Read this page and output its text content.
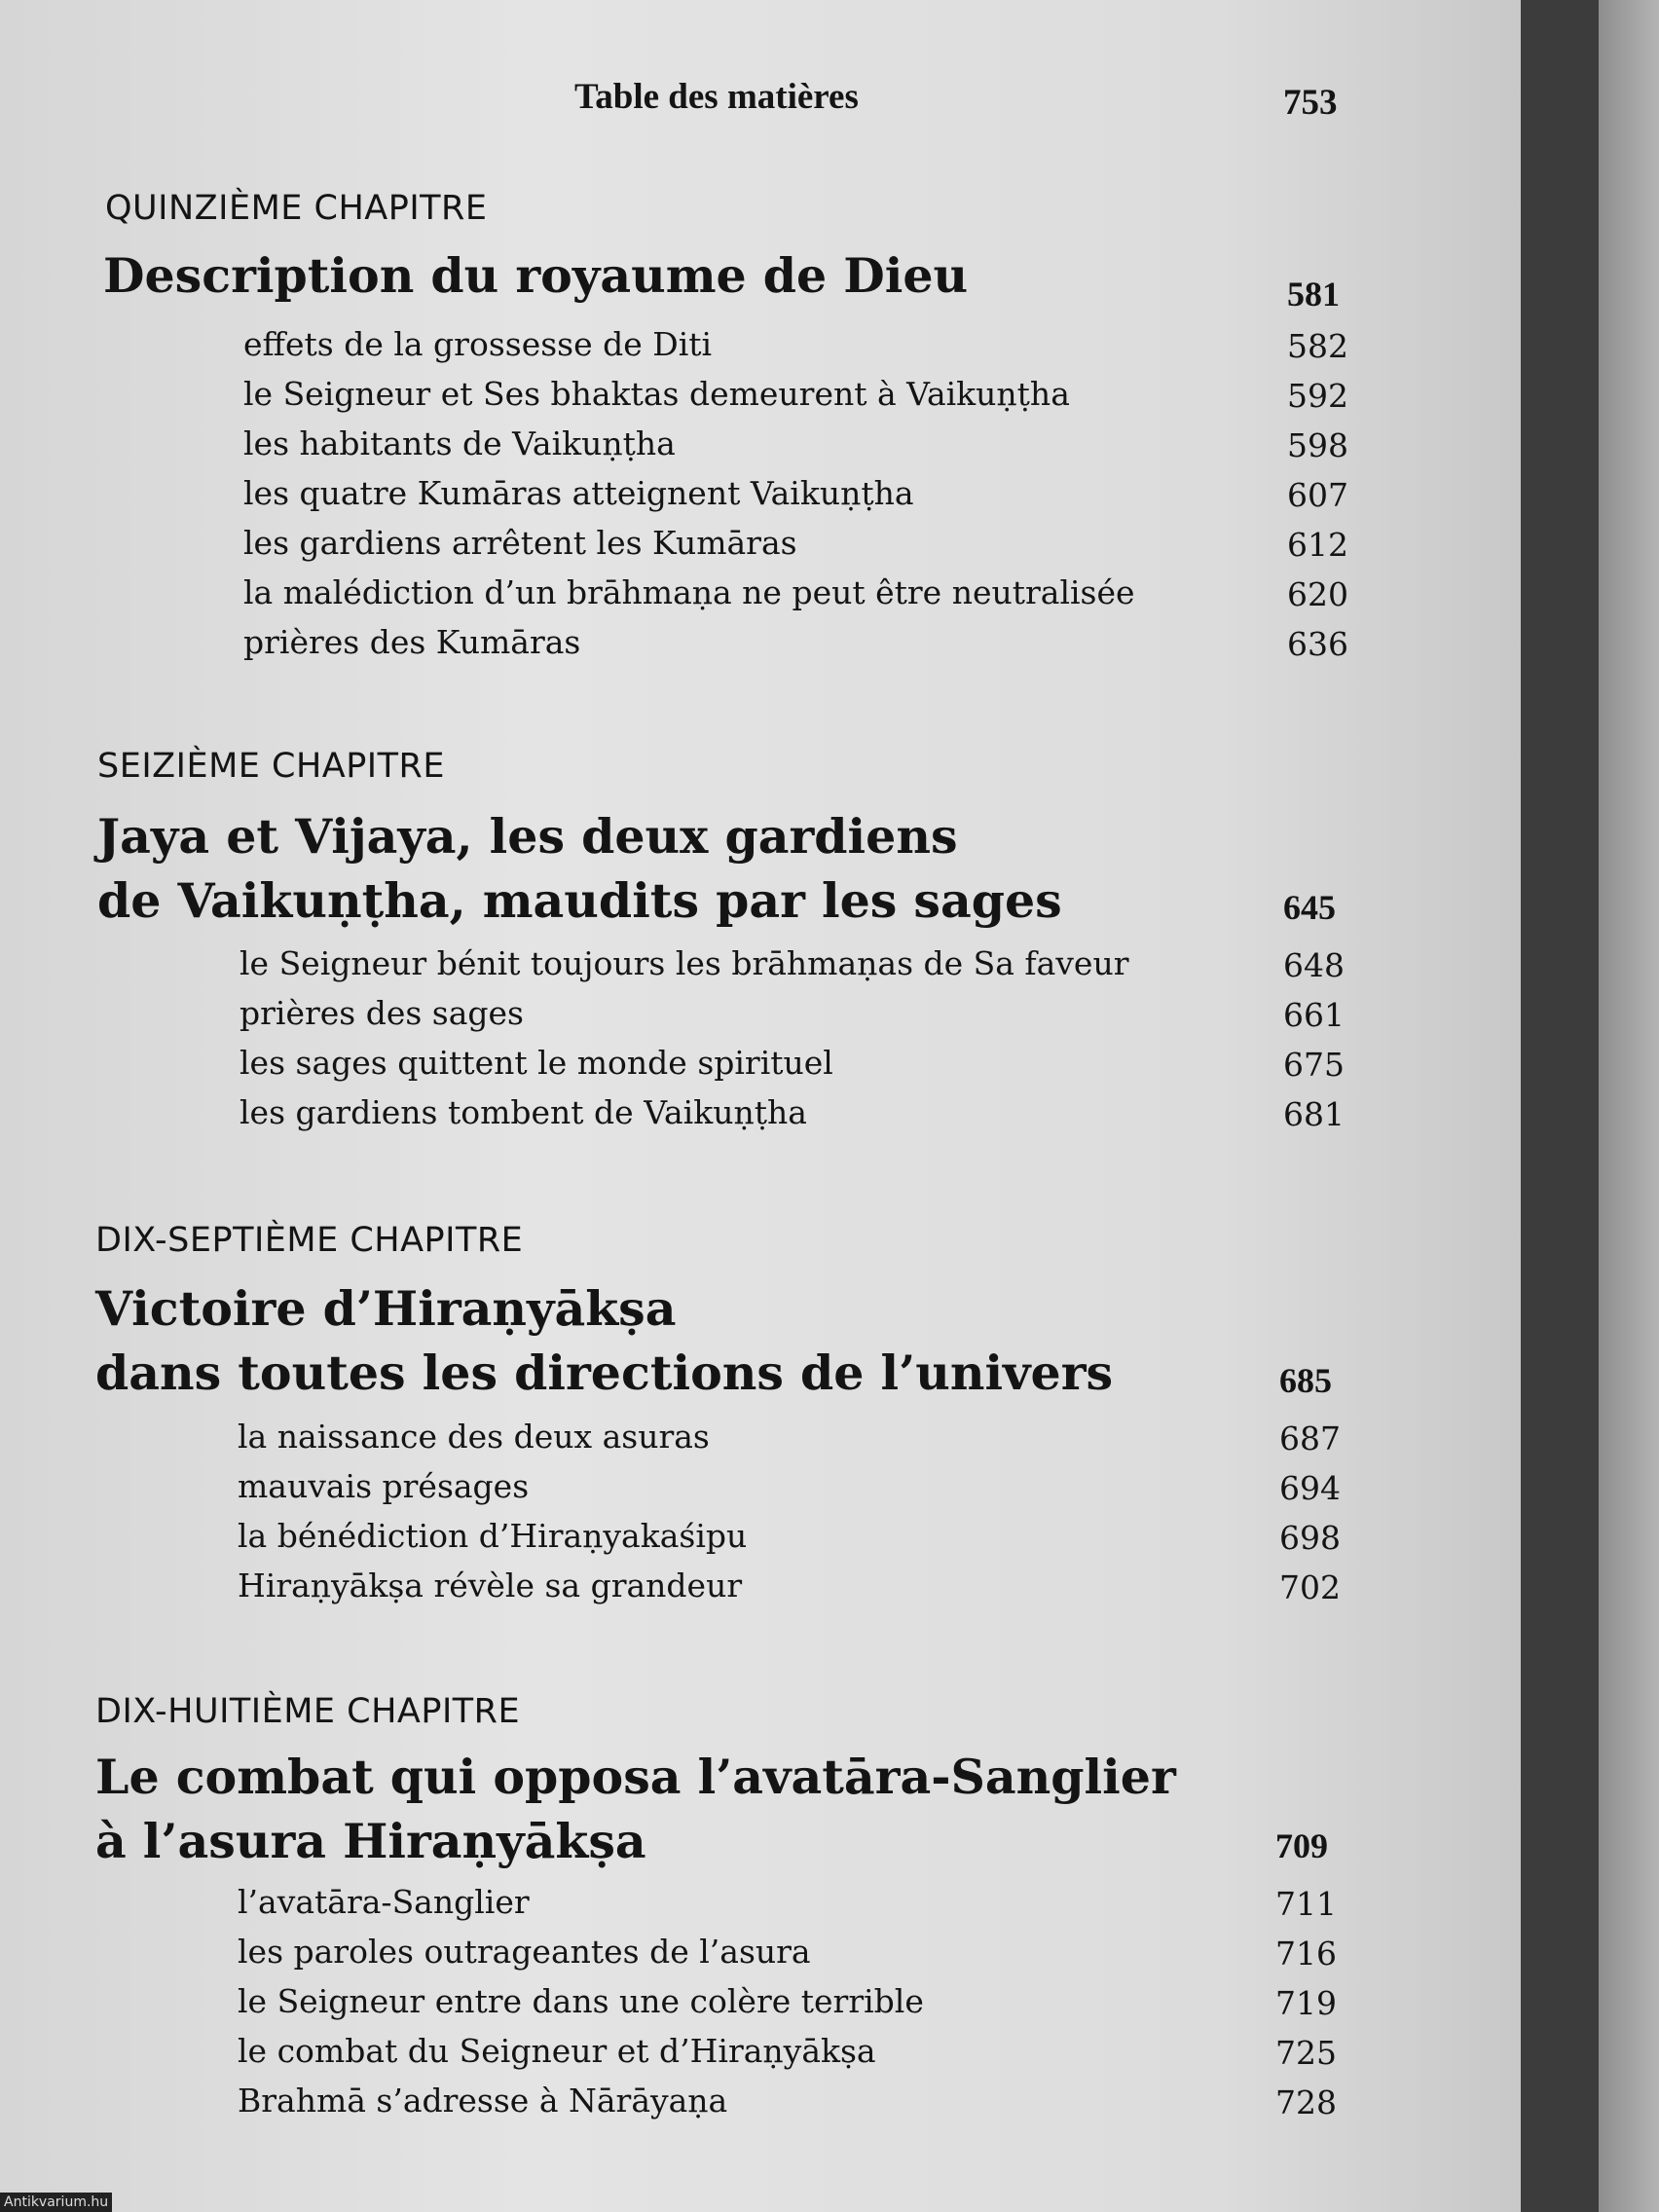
Table des matières	753
QUINZIÈME CHAPITRE
Description du royaume de Dieu	581
effets de la grossesse de Diti	582
le Seigneur et Ses bhaktas demeurent à Vaikuṇṭha	592
les habitants de Vaikuṇṭha	598
les quatre Kumāras atteignent Vaikuṇṭha	607
les gardiens arrêtent les Kumāras	612
la malédiction d’un brāhmaṇa ne peut être neutralisée	620
prières des Kumāras	636
SEIZIÈME CHAPITRE
Jaya et Vijaya, les deux gardiens
de Vaikuṇṭha, maudits par les sages	645
le Seigneur bénit toujours les brāhmaṇas de Sa faveur	648
prières des sages	661
les sages quittent le monde spirituel	675
les gardiens tombent de Vaikuṇṭha	681
DIX-SEPTIÈME CHAPITRE
Victoire d’Hiraṇyākṣa
dans toutes les directions de l’univers	685
la naissance des deux asuras	687
mauvais présages	694
la bénédiction d’Hiraṇyakaśipu	698
Hiraṇyākṣa révèle sa grandeur	702
DIX-HUITIÈME CHAPITRE
Le combat qui opposa l’avatāra-Sanglier
à l’asura Hiraṇyākṣa	709
l’avatāra-Sanglier	711
les paroles outrageantes de l’asura	716
le Seigneur entre dans une colère terrible	719
le combat du Seigneur et d’Hiraṇyākṣa	725
Brahmā s’adresse à Nārāyaṇa	728
Antikvarium.hu
